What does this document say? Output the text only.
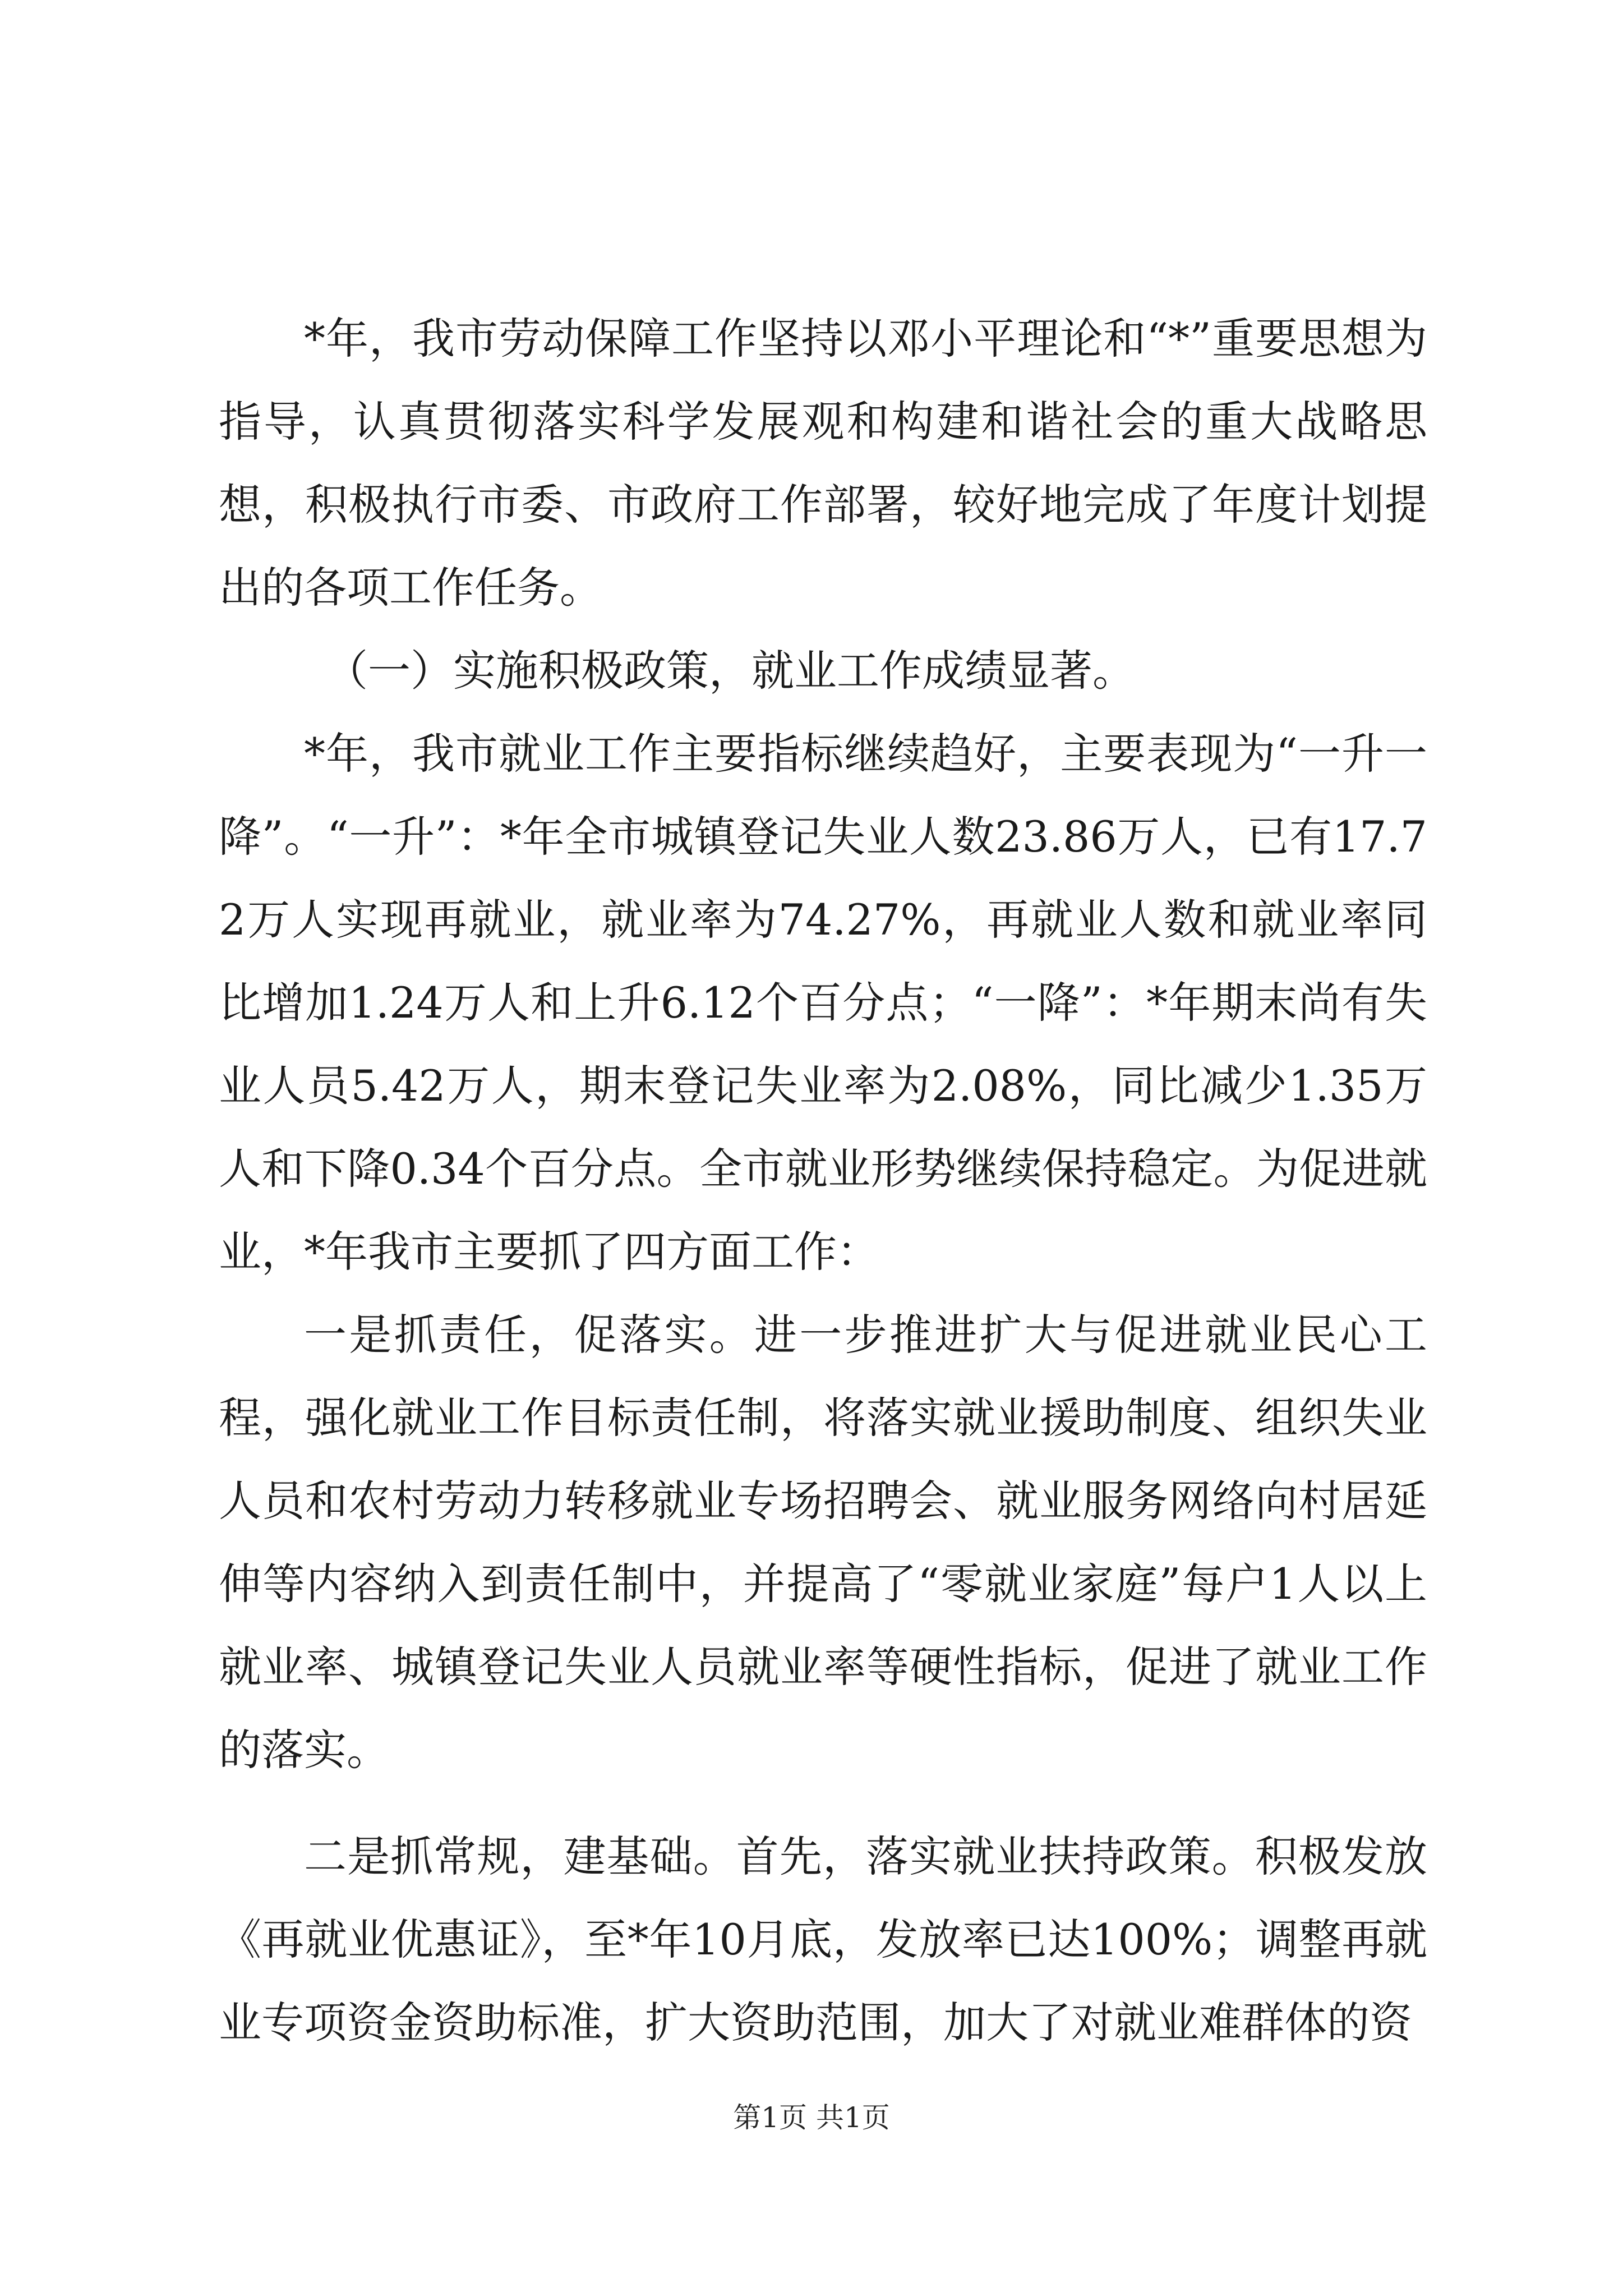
*年，我市劳动保障工作坚持以邓小平理论和“*”重要思想为指导，认真贯彻落实科学发展观和构建和谐社会的重大战略思想，积极执行市委、市政府工作部署，较好地完成了年度计划提出的各项工作任务。

（一）实施积极政策，就业工作成绩显著。

*年，我市就业工作主要指标继续趋好，主要表现为“一升一降”。“一升”：*年全市城镇登记失业人数23.86万人，已有17.72万人实现再就业，就业率为74.27%，再就业人数和就业率同比增加1.24万人和上升6.12个百分点；“一降”：*年期末尚有失业人员5.42万人，期末登记失业率为2.08%，同比减少1.35万人和下降0.34个百分点。全市就业形势继续保持稳定。为促进就业，*年我市主要抓了四方面工作：

一是抓责任，促落实。进一步推进扩大与促进就业民心工程，强化就业工作目标责任制，将落实就业援助制度、组织失业人员和农村劳动力转移就业专场招聘会、就业服务网络向村居延伸等内容纳入到责任制中，并提高了“零就业家庭”每户1人以上就业率、城镇登记失业人员就业率等硬性指标，促进了就业工作的落实。

二是抓常规，建基础。首先，落实就业扶持政策。积极发放《再就业优惠证》，至*年10月底，发放率已达100%；调整再就业专项资金资助标准，扩大资助范围，加大了对就业难群体的资

第1页 共1页
